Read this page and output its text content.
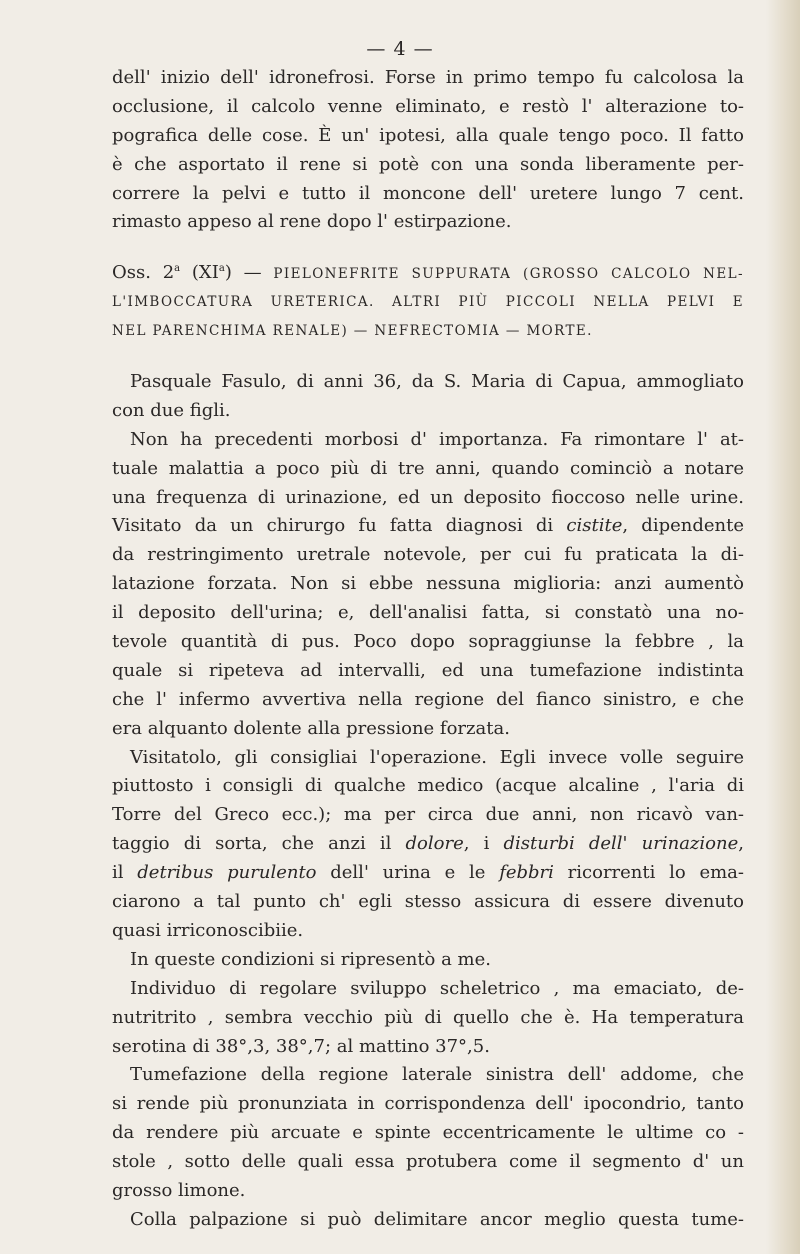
— 4 —
dell' inizio dell' idronefrosi. Forse in primo tempo fu calcolosa la
occlusione, il calcolo venne eliminato, e restò l' alterazione to-
pografica delle cose. È un' ipotesi, alla quale tengo poco. Il fatto
è che asportato il rene si potè con una sonda liberamente per-
correre la pelvi e tutto il moncone dell' uretere lungo 7 cent.
rimasto appeso al rene dopo l' estirpazione.
Oss. 2$^a$ $(XI^a)$ — PIELONEFRITE SUPPURATA (GROSSO CALCOLO NEL-
L'IMBOCCATURA URETERICA. ALTRI PIÙ PICCOLI NELLA PELVI E
NEL PARENCHIMA RENALE) — NEFRECTOMIA — MORTE.
Pasquale Fasulo, di anni 36, da S. Maria di Capua, ammogliato
con due figli.
Non ha precedenti morbosi d' importanza. Fa rimontare l' at-
tuale malattia a poco più di tre anni, quando cominciò a notare
una frequenza di urinazione, ed un deposito fioccoso nelle urine.
Visitato da un chirurgo fu fatta diagnosi di cistite, dipendente
da restringimento uretrale notevole, per cui fu praticata la di-
latazione forzata. Non si ebbe nessuna miglioria: anzi aumentò
il deposito dell'urina; e, dell'analisi fatta, si constatò una no-
tevole quantità di pus. Poco dopo sopraggiunse la febbre , la
quale si ripeteva ad intervalli, ed una tumefazione indistinta
che l' infermo avvertiva nella regione del fianco sinistro, e che
era alquanto dolente alla pressione forzata.
Visitatolo, gli consigliai l'operazione. Egli invece volle seguire
piuttosto i consigli di qualche medico (acque alcaline , l'aria di
Torre del Greco ecc.); ma per circa due anni, non ricavò van-
taggio di sorta, che anzi il dolore, i disturbi dell' urinazione,
il detribus purulento dell' urina e le febbri ricorrenti lo ema-
ciarono a tal punto ch' egli stesso assicura di essere divenuto
quasi irriconoscibiie.
In queste condizioni si ripresentò a me.
Individuo di regolare sviluppo scheletrico , ma emaciato, de-
nutritrito , sembra vecchio più di quello che è. Ha temperatura
serotina di 38°,3, 38°,7; al mattino 37°,5.
Tumefazione della regione laterale sinistra dell' addome, che
si rende più pronunziata in corrispondenza dell' ipocondrio, tanto
da rendere più arcuate e spinte eccentricamente le ultime co -
stole , sotto delle quali essa protubera come il segmento d' un
grosso limone.
Colla palpazione si può delimitare ancor meglio questa tume-
